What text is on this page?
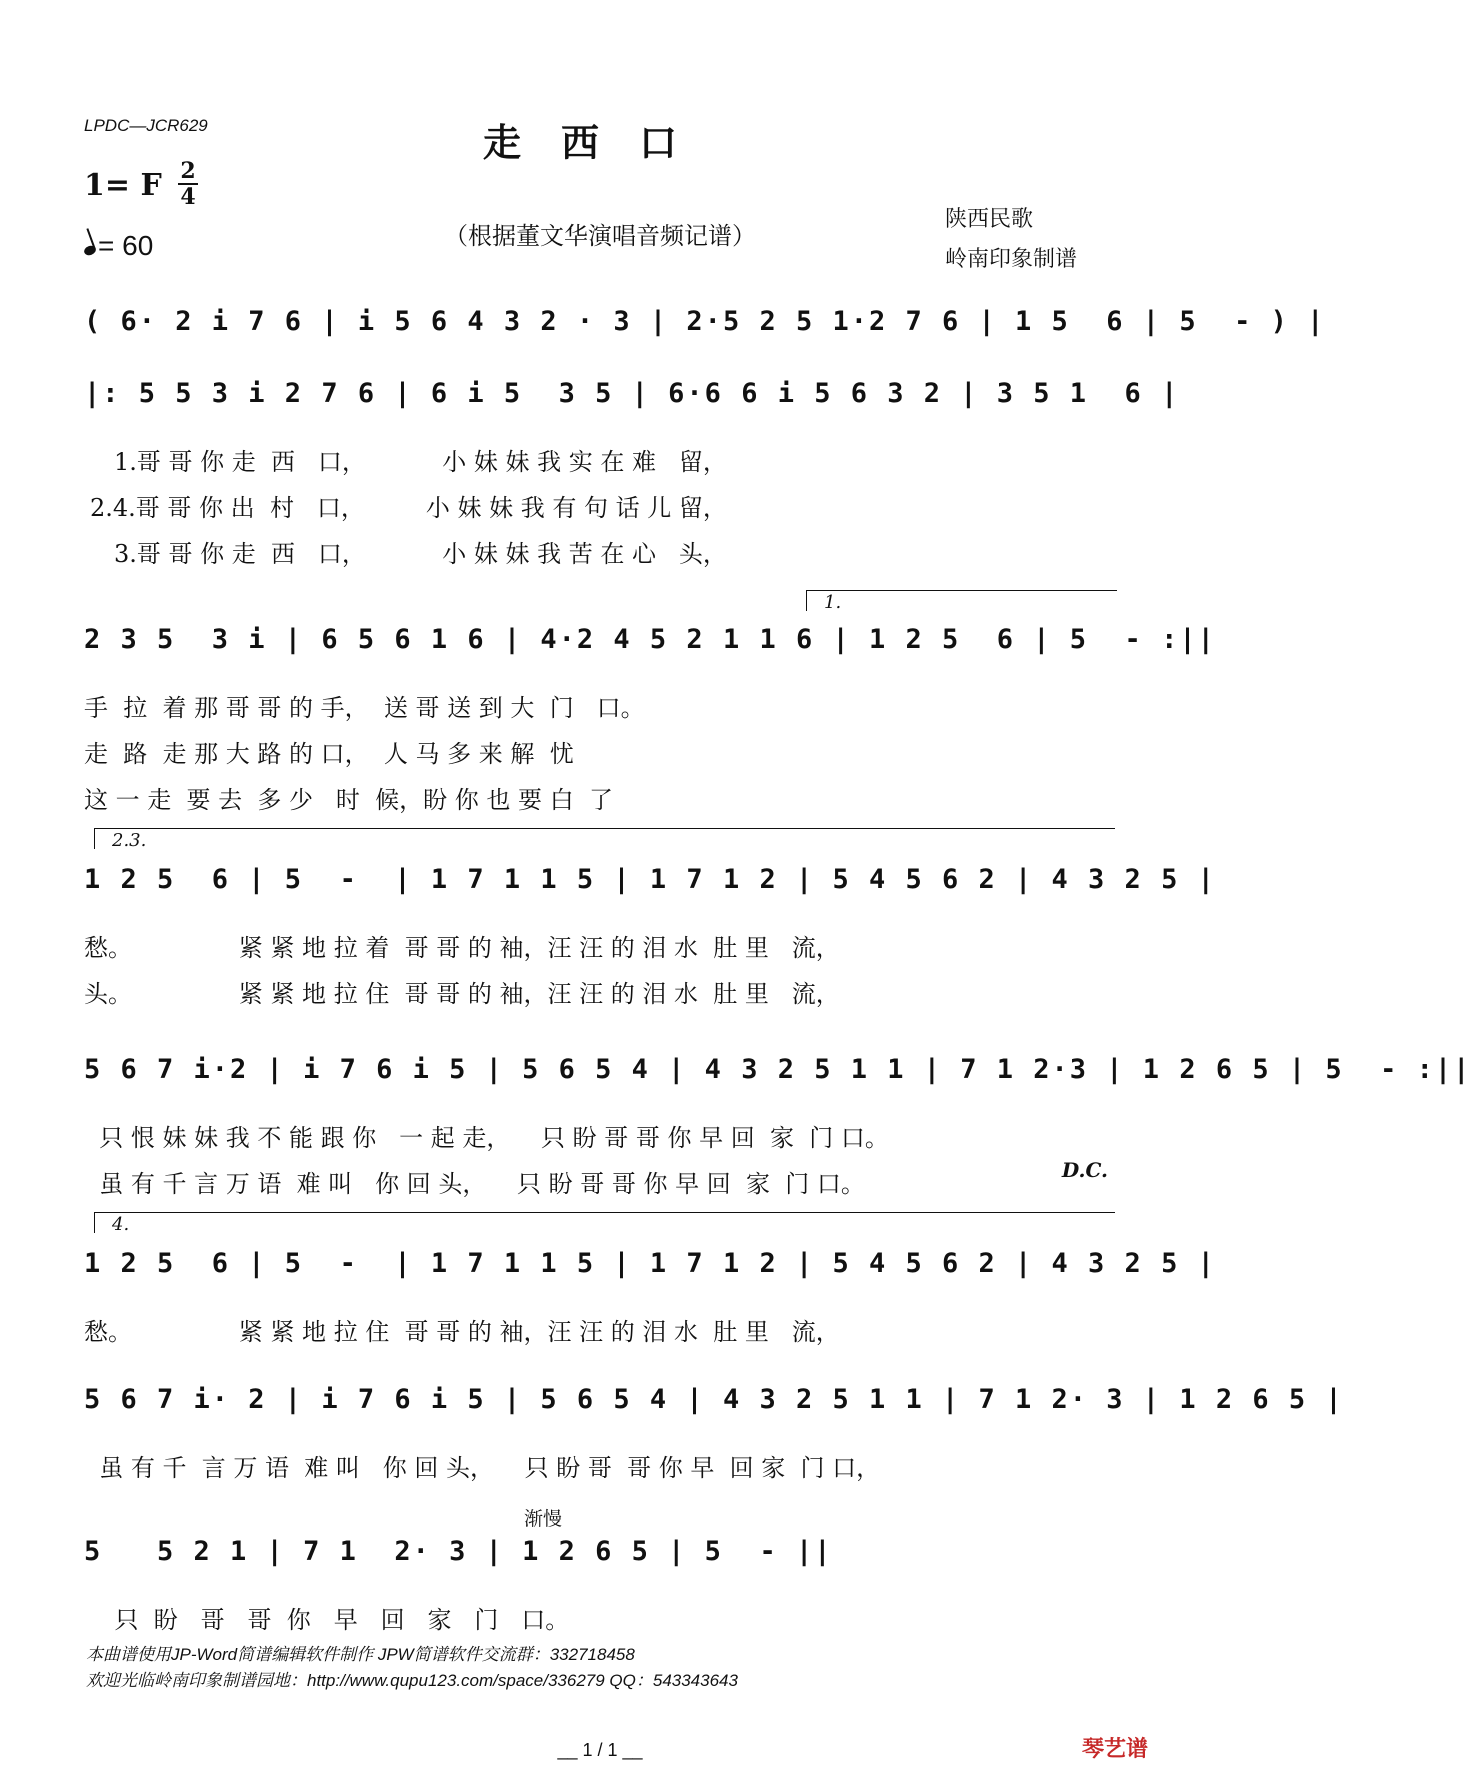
LPDC—JCR629	走西口
1= F 2
4
= 60	（根据董文华演唱音频记谱）
陕西民歌
岭南印象制谱
( 6· 2 i 7 6 | i 5 6 4 3 2 · 3 | 2·5 2 5 1·2 7 6 | 1 5  6 | 5  - ) |
|: 5 5 3 i 2 7 6 | 6 i 5  3 5 | 6·6 6 i 5 6 3 2 | 3 5 1  6 |
1.哥 哥 你 走  西   口，          小 妹 妹 我 实 在 难   留，
2.4.哥 哥 你 出  村   口，        小 妹 妹 我 有 句 话 儿 留，
3.哥 哥 你 走  西   口，          小 妹 妹 我 苦 在 心   头，
1.
2 3 5  3 i | 6 5 6 1 6 | 4·2 4 5 2 1 1 6 | 1 2 5  6 | 5  - :||
手  拉  着 那 哥 哥 的 手，  送 哥 送 到 大  门   口。
走  路  走 那 大 路 的 口，  人 马 多 来 解  忧
这 一 走  要 去  多 少   时  候，盼 你 也 要 白  了
2.3.
1 2 5  6 | 5  -  | 1 7 1 1 5 | 1 7 1 2 | 5 4 5 6 2 | 4 3 2 5 |
愁。              紧 紧 地 拉 着  哥 哥 的 袖，汪 汪 的 泪 水  肚 里   流，
头。              紧 紧 地 拉 住  哥 哥 的 袖，汪 汪 的 泪 水  肚 里   流，
5 6 7 i·2 | i 7 6 i 5 | 5 6 5 4 | 4 3 2 5 1 1 | 7 1 2·3 | 1 2 6 5 | 5  - :||
只 恨 妹 妹 我 不 能 跟 你   一 起 走，    只 盼 哥 哥 你 早 回  家  门 口。
虽 有 千 言 万 语  难 叫   你 回 头，    只 盼 哥 哥 你 早 回  家  门 口。	D.C.
4.
1 2 5  6 | 5  -  | 1 7 1 1 5 | 1 7 1 2 | 5 4 5 6 2 | 4 3 2 5 |
愁。              紧 紧 地 拉 住  哥 哥 的 袖，汪 汪 的 泪 水  肚 里   流，
5 6 7 i· 2 | i 7 6 i 5 | 5 6 5 4 | 4 3 2 5 1 1 | 7 1 2· 3 | 1 2 6 5 |
虽 有 千  言 万 语  难 叫   你 回 头，    只 盼 哥  哥 你 早  回 家  门 口，
渐慢
5   5 2 1 | 7 1  2· 3 | 1 2 6 5 | 5  - ||
只  盼   哥   哥  你   早   回   家   门   口。
本曲谱使用JP-Word简谱编辑软件制作 JPW简谱软件交流群：332718458
欢迎光临岭南印象制谱园地：http://www.qupu123.com/space/336279 QQ：543343643
__ 1 / 1 __	琴艺谱
